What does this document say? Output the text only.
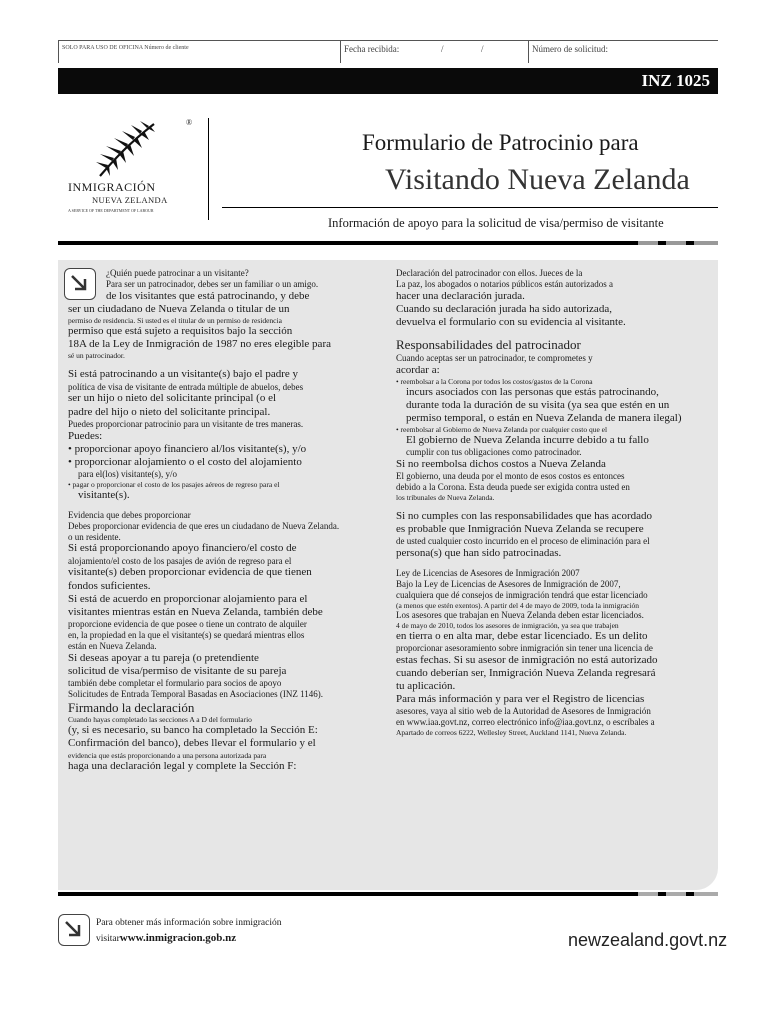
SOLO PARA USO DE OFICINA Número de cliente	Fecha recibida:	/	/	Número de solicitud:
INZ 1025
INMIGRACIÓN
NUEVA ZELANDA
A SERVICE OF THE DEPARTMENT OF LABOUR
®
Formulario de Patrocinio para
Visitando Nueva Zelanda
Información de apoyo para la solicitud de visa/permiso de visitante

¿Quién puede patrocinar a un visitante?

Para ser un patrocinador, debes ser un familiar o un amigo.

de los visitantes que está patrocinando, y debe

ser un ciudadano de Nueva Zelanda o titular de un

permiso de residencia. Si usted es el titular de un permiso de residencia

permiso que está sujeto a requisitos bajo la sección

18A de la Ley de Inmigración de 1987 no eres elegible para

sé un patrocinador.

Si está patrocinando a un visitante(s) bajo el padre y

política de visa de visitante de entrada múltiple de abuelos, debes

ser un hijo o nieto del solicitante principal (o el

padre del hijo o nieto del solicitante principal.

Puedes proporcionar patrocinio para un visitante de tres maneras.

Puedes:

• proporcionar apoyo financiero al/los visitante(s), y/o

• proporcionar alojamiento o el costo del alojamiento

para el(los) visitante(s), y/o

• pagar o proporcionar el costo de los pasajes aéreos de regreso para el

visitante(s).

Evidencia que debes proporcionar

Debes proporcionar evidencia de que eres un ciudadano de Nueva Zelanda.

o un residente.

Si está proporcionando apoyo financiero/el costo de

alojamiento/el costo de los pasajes de avión de regreso para el

visitante(s) deben proporcionar evidencia de que tienen

fondos suficientes.

Si está de acuerdo en proporcionar alojamiento para el

visitantes mientras están en Nueva Zelanda, también debe

proporcione evidencia de que posee o tiene un contrato de alquiler

en, la propiedad en la que el visitante(s) se quedará mientras ellos

están en Nueva Zelanda.

Si deseas apoyar a tu pareja (o pretendiente

solicitud de visa/permiso de visitante de su pareja

también debe completar el formulario para socios de apoyo

Solicitudes de Entrada Temporal Basadas en Asociaciones (INZ 1146).

Firmando la declaración

Cuando hayas completado las secciones A a D del formulario

(y, si es necesario, su banco ha completado la Sección E:

Confirmación del banco), debes llevar el formulario y el

evidencia que estás proporcionando a una persona autorizada para

haga una declaración legal y complete la Sección F:

Declaración del patrocinador con ellos. Jueces de la

La paz, los abogados o notarios públicos están autorizados a

hacer una declaración jurada.

Cuando su declaración jurada ha sido autorizada,

devuelva el formulario con su evidencia al visitante.

Responsabilidades del patrocinador

Cuando aceptas ser un patrocinador, te comprometes y

acordar a:

• reembolsar a la Corona por todos los costos/gastos de la Corona

incurs asociados con las personas que estás patrocinando,

durante toda la duración de su visita (ya sea que estén en un

permiso temporal, o están en Nueva Zelanda de manera ilegal)

• reembolsar al Gobierno de Nueva Zelanda por cualquier costo que el

El gobierno de Nueva Zelanda incurre debido a tu fallo

cumplir con tus obligaciones como patrocinador.

Si no reembolsa dichos costos a Nueva Zelanda

El gobierno, una deuda por el monto de esos costos es entonces

debido a la Corona. Esta deuda puede ser exigida contra usted en

los tribunales de Nueva Zelanda.

Si no cumples con las responsabilidades que has acordado

es probable que Inmigración Nueva Zelanda se recupere

de usted cualquier costo incurrido en el proceso de eliminación para el

persona(s) que han sido patrocinadas.

Ley de Licencias de Asesores de Inmigración 2007

Bajo la Ley de Licencias de Asesores de Inmigración de 2007,

cualquiera que dé consejos de inmigración tendrá que estar licenciado

(a menos que estén exentos). A partir del 4 de mayo de 2009, toda la inmigración

Los asesores que trabajan en Nueva Zelanda deben estar licenciados.

4 de mayo de 2010, todos los asesores de inmigración, ya sea que trabajen

en tierra o en alta mar, debe estar licenciado. Es un delito

proporcionar asesoramiento sobre inmigración sin tener una licencia de

estas fechas. Si su asesor de inmigración no está autorizado

cuando deberían ser, Inmigración Nueva Zelanda regresará

tu aplicación.

Para más información y para ver el Registro de licencias

asesores, vaya al sitio web de la Autoridad de Asesores de Inmigración

en www.iaa.govt.nz, correo electrónico info@iaa.govt.nz, o escríbales a

Apartado de correos 6222, Wellesley Street, Auckland 1141, Nueva Zelanda.

Para obtener más información sobre inmigración
visitarwww.inmigracion.gob.nz	newzealand.govt.nz
